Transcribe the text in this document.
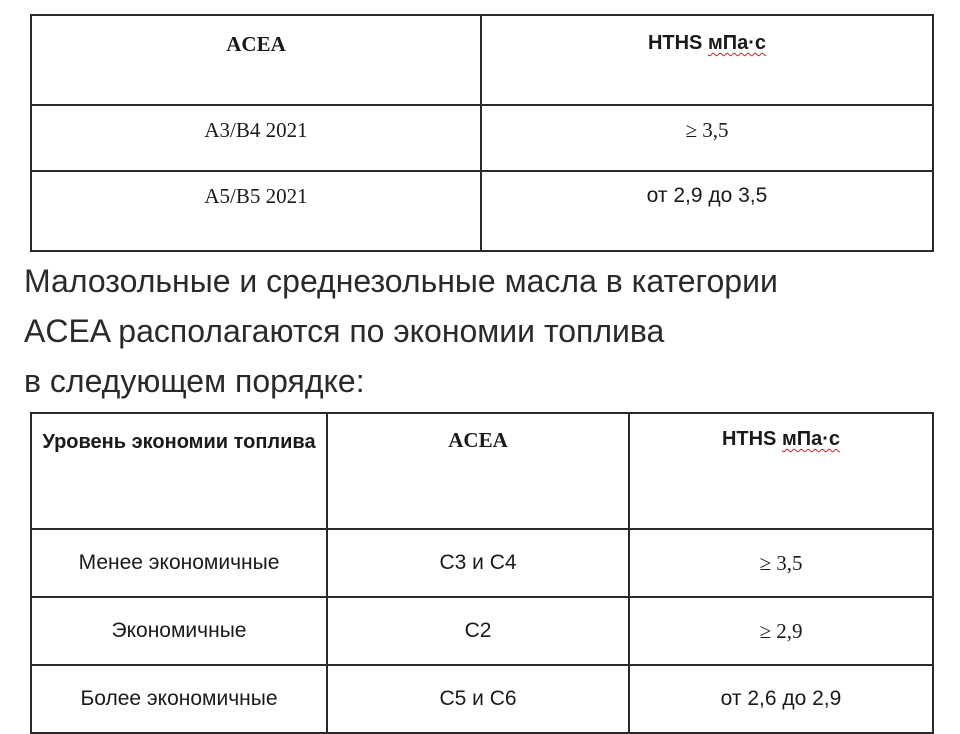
ACEA	HTHS мПа·с
A3/B4 2021	≥ 3,5
A5/B5 2021	от 2,9 до 3,5

Малозольные и среднезольные масла в категории
ACEA располагаются по экономии топлива
в следующем порядке:

Уровень экономии топлива	ACEA	HTHS мПа·с
Менее экономичные	C3 и C4	≥ 3,5
Экономичные	C2	≥ 2,9
Более экономичные	C5 и C6	от 2,6 до 2,9
